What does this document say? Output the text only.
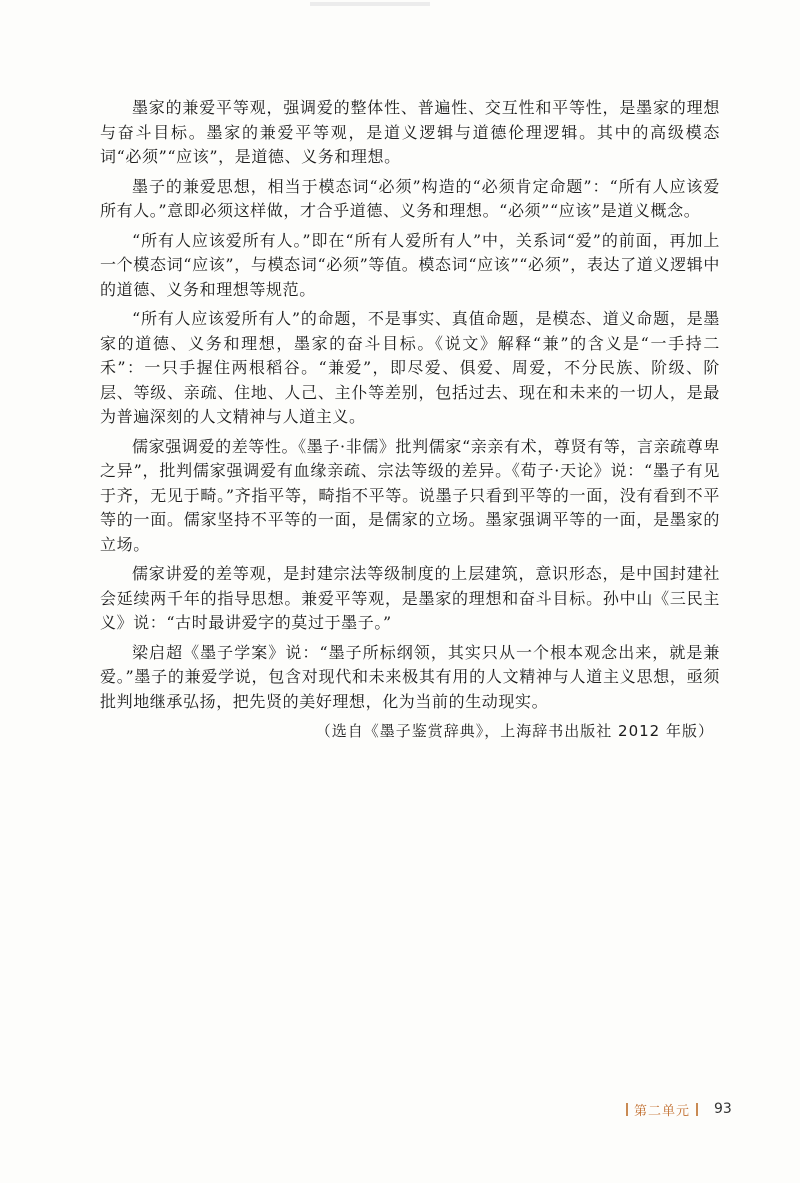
墨家的兼爱平等观，强调爱的整体性、普遍性、交互性和平等性，是墨家的理想与奋斗目标。墨家的兼爱平等观，是道义逻辑与道德伦理逻辑。其中的高级模态词“必须”“应该”，是道德、义务和理想。

墨子的兼爱思想，相当于模态词“必须”构造的“必须肯定命题”：“所有人应该爱所有人。”意即必须这样做，才合乎道德、义务和理想。“必须”“应该”是道义概念。

“所有人应该爱所有人。”即在“所有人爱所有人”中，关系词“爱”的前面，再加上一个模态词“应该”，与模态词“必须”等值。模态词“应该”“必须”，表达了道义逻辑中的道德、义务和理想等规范。

“所有人应该爱所有人”的命题，不是事实、真值命题，是模态、道义命题，是墨家的道德、义务和理想，墨家的奋斗目标。《说文》解释“兼”的含义是“一手持二禾”：一只手握住两根稻谷。“兼爱”，即尽爱、俱爱、周爱，不分民族、阶级、阶层、等级、亲疏、住地、人己、主仆等差别，包括过去、现在和未来的一切人，是最为普遍深刻的人文精神与人道主义。

儒家强调爱的差等性。《墨子·非儒》批判儒家“亲亲有术，尊贤有等，言亲疏尊卑之异”，批判儒家强调爱有血缘亲疏、宗法等级的差异。《荀子·天论》说：“墨子有见于齐，无见于畸。”齐指平等，畸指不平等。说墨子只看到平等的一面，没有看到不平等的一面。儒家坚持不平等的一面，是儒家的立场。墨家强调平等的一面，是墨家的立场。

儒家讲爱的差等观，是封建宗法等级制度的上层建筑，意识形态，是中国封建社会延续两千年的指导思想。兼爱平等观，是墨家的理想和奋斗目标。孙中山《三民主义》说：“古时最讲爱字的莫过于墨子。”

梁启超《墨子学案》说：“墨子所标纲领，其实只从一个根本观念出来，就是兼爱。”墨子的兼爱学说，包含对现代和未来极其有用的人文精神与人道主义思想，亟须批判地继承弘扬，把先贤的美好理想，化为当前的生动现实。

（选自《墨子鉴赏辞典》，上海辞书出版社 2012 年版）

第二单元 93
